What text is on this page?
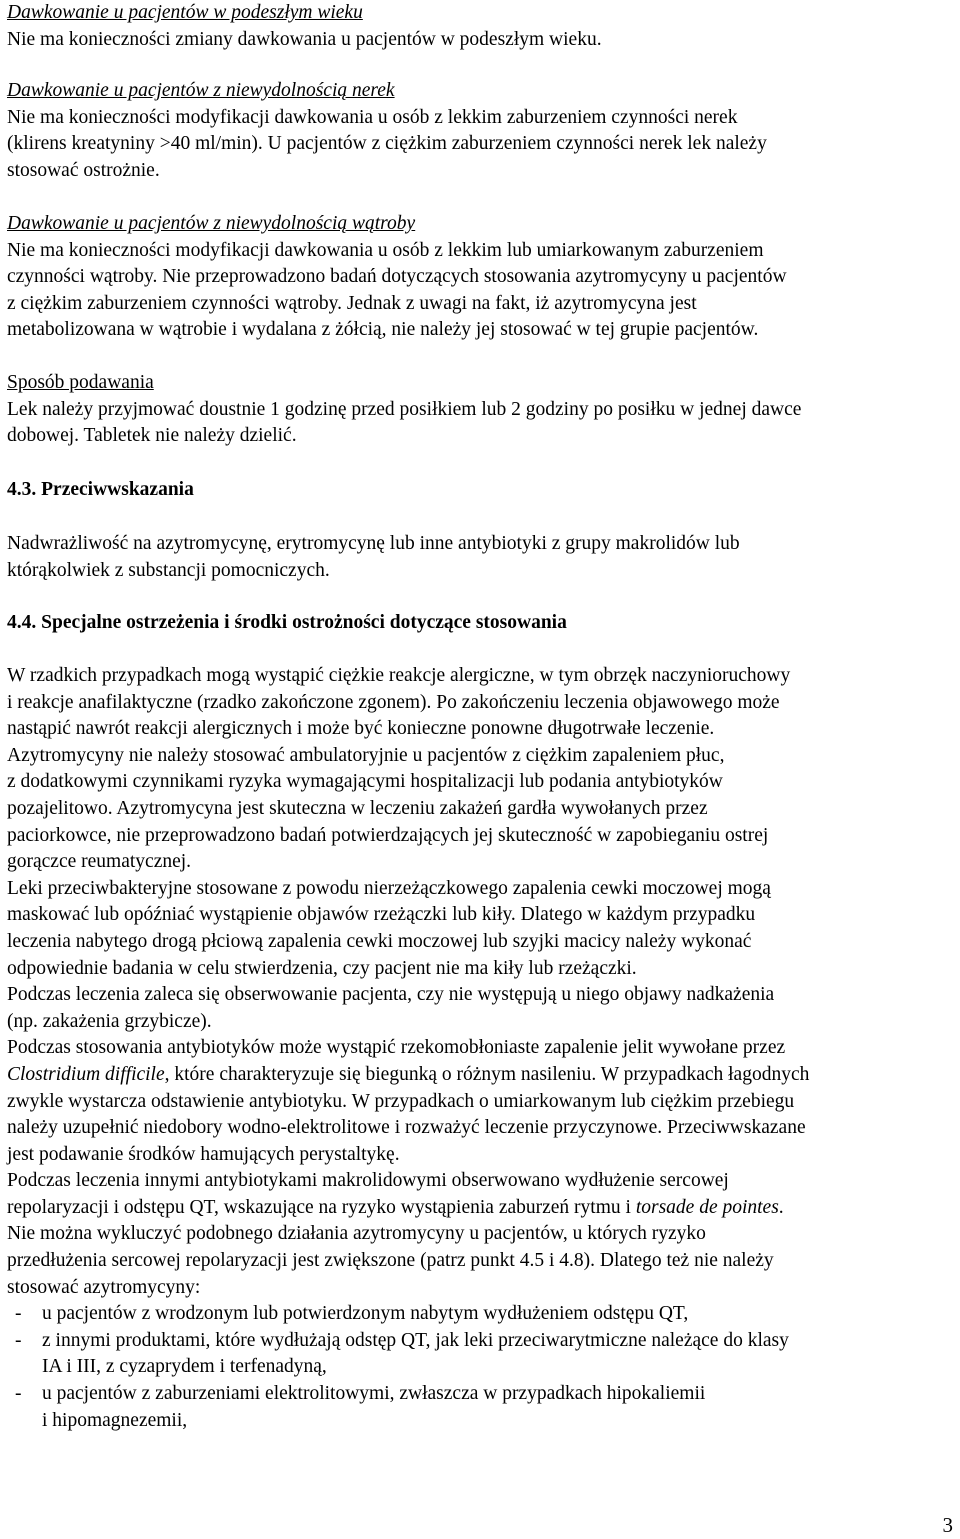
Dawkowanie u pacjentów w podeszłym wieku
Nie ma konieczności zmiany dawkowania u pacjentów w podeszłym wieku.
Dawkowanie u pacjentów z niewydolnością nerek
Nie ma konieczności modyfikacji dawkowania u osób z lekkim zaburzeniem czynności nerek
(klirens kreatyniny >40 ml/min). U pacjentów z ciężkim zaburzeniem czynności nerek lek należy
stosować ostrożnie.
Dawkowanie u pacjentów z niewydolnością wątroby
Nie ma konieczności modyfikacji dawkowania u osób z lekkim lub umiarkowanym zaburzeniem
czynności wątroby. Nie przeprowadzono badań dotyczących stosowania azytromycyny u pacjentów
z ciężkim zaburzeniem czynności wątroby. Jednak z uwagi na fakt, iż azytromycyna jest
metabolizowana w wątrobie i wydalana z żółcią, nie należy jej stosować w tej grupie pacjentów.
Sposób podawania
Lek należy przyjmować doustnie 1 godzinę przed posiłkiem lub 2 godziny po posiłku w jednej dawce
dobowej. Tabletek nie należy dzielić.
4.3. Przeciwwskazania
Nadwrażliwość na azytromycynę, erytromycynę lub inne antybiotyki z grupy makrolidów lub
którąkolwiek z substancji pomocniczych.
4.4. Specjalne ostrzeżenia i środki ostrożności dotyczące stosowania
W rzadkich przypadkach mogą wystąpić ciężkie reakcje alergiczne, w tym obrzęk naczynioruchowy
i reakcje anafilaktyczne (rzadko zakończone zgonem). Po zakończeniu leczenia objawowego może
nastąpić nawrót reakcji alergicznych i może być konieczne ponowne długotrwałe leczenie.
Azytromycyny nie należy stosować ambulatoryjnie u pacjentów z ciężkim zapaleniem płuc,
z dodatkowymi czynnikami ryzyka wymagającymi hospitalizacji lub podania antybiotyków
pozajelitowo. Azytromycyna jest skuteczna w leczeniu zakażeń gardła wywołanych przez
paciorkowce, nie przeprowadzono badań potwierdzających jej skuteczność w zapobieganiu ostrej
gorączce reumatycznej.
Leki przeciwbakteryjne stosowane z powodu nierzeżączkowego zapalenia cewki moczowej mogą
maskować lub opóźniać wystąpienie objawów rzeżączki lub kiły. Dlatego w każdym przypadku
leczenia nabytego drogą płciową zapalenia cewki moczowej lub szyjki macicy należy wykonać
odpowiednie badania w celu stwierdzenia, czy pacjent nie ma kiły lub rzeżączki.
Podczas leczenia zaleca się obserwowanie pacjenta, czy nie występują u niego objawy nadkażenia
(np. zakażenia grzybicze).
Podczas stosowania antybiotyków może wystąpić rzekomobłoniaste zapalenie jelit wywołane przez
Clostridium difficile, które charakteryzuje się biegunką o różnym nasileniu. W przypadkach łagodnych
zwykle wystarcza odstawienie antybiotyku. W przypadkach o umiarkowanym lub ciężkim przebiegu
należy uzupełnić niedobory wodno-elektrolitowe i rozważyć leczenie przyczynowe. Przeciwwskazane
jest podawanie środków hamujących perystaltykę.
Podczas leczenia innymi antybiotykami makrolidowymi obserwowano wydłużenie sercowej
repolaryzacji i odstępu QT, wskazujące na ryzyko wystąpienia zaburzeń rytmu i torsade de pointes.
Nie można wykluczyć podobnego działania azytromycyny u pacjentów, u których ryzyko
przedłużenia sercowej repolaryzacji jest zwiększone (patrz punkt 4.5 i 4.8). Dlatego też nie należy
stosować azytromycyny:
- u pacjentów z wrodzonym lub potwierdzonym nabytym wydłużeniem odstępu QT,
- z innymi produktami, które wydłużają odstęp QT, jak leki przeciwarytmiczne należące do klasy
IA i III, z cyzaprydem i terfenadyną,
- u pacjentów z zaburzeniami elektrolitowymi, zwłaszcza w przypadkach hipokaliemii
i hipomagnezemii,
3
